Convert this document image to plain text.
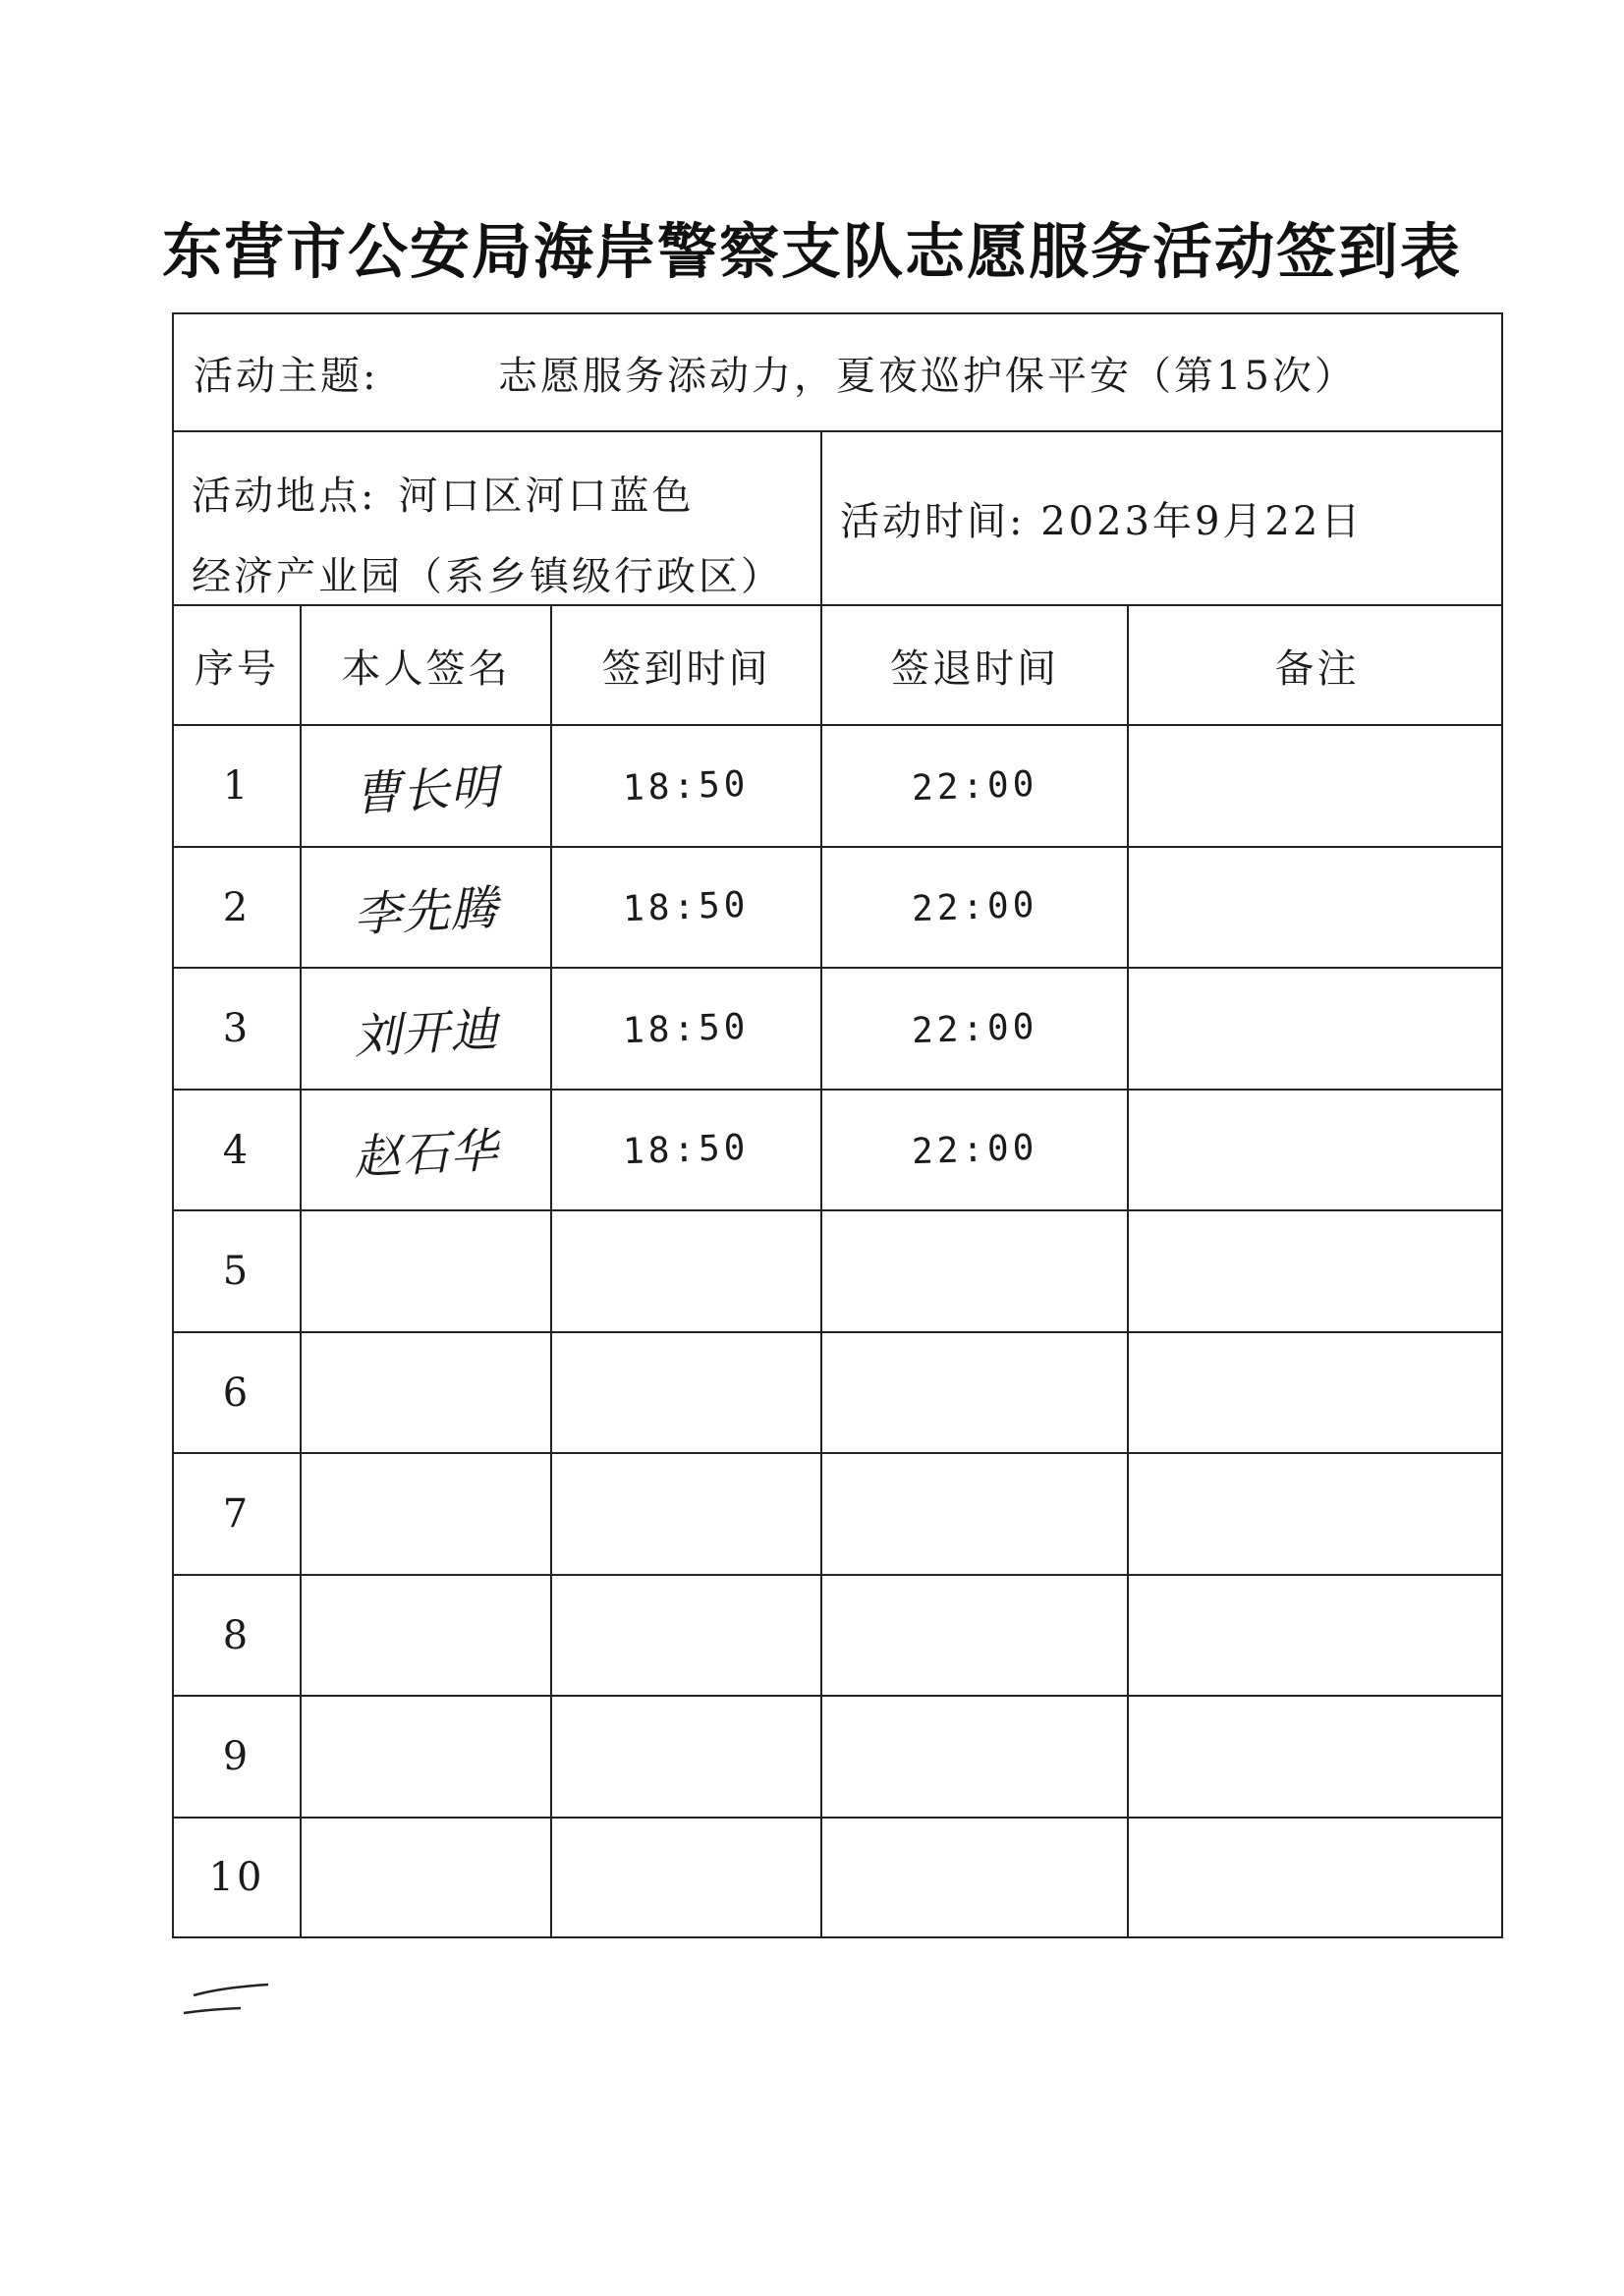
东营市公安局海岸警察支队志愿服务活动签到表
活动主题:	志愿服务添动力，夏夜巡护保平安（第15次）
活动地点: 河口区河口蓝色
经济产业园（系乡镇级行政区）
活动时间: 2023年9月22日
序号	本人签名	签到时间	签退时间	备注
1	曹长明	18:50	22:00
2	李先腾	18:50	22:00
3	刘开迪	18:50	22:00
4	赵石华	18:50	22:00
5
6
7
8
9
10
